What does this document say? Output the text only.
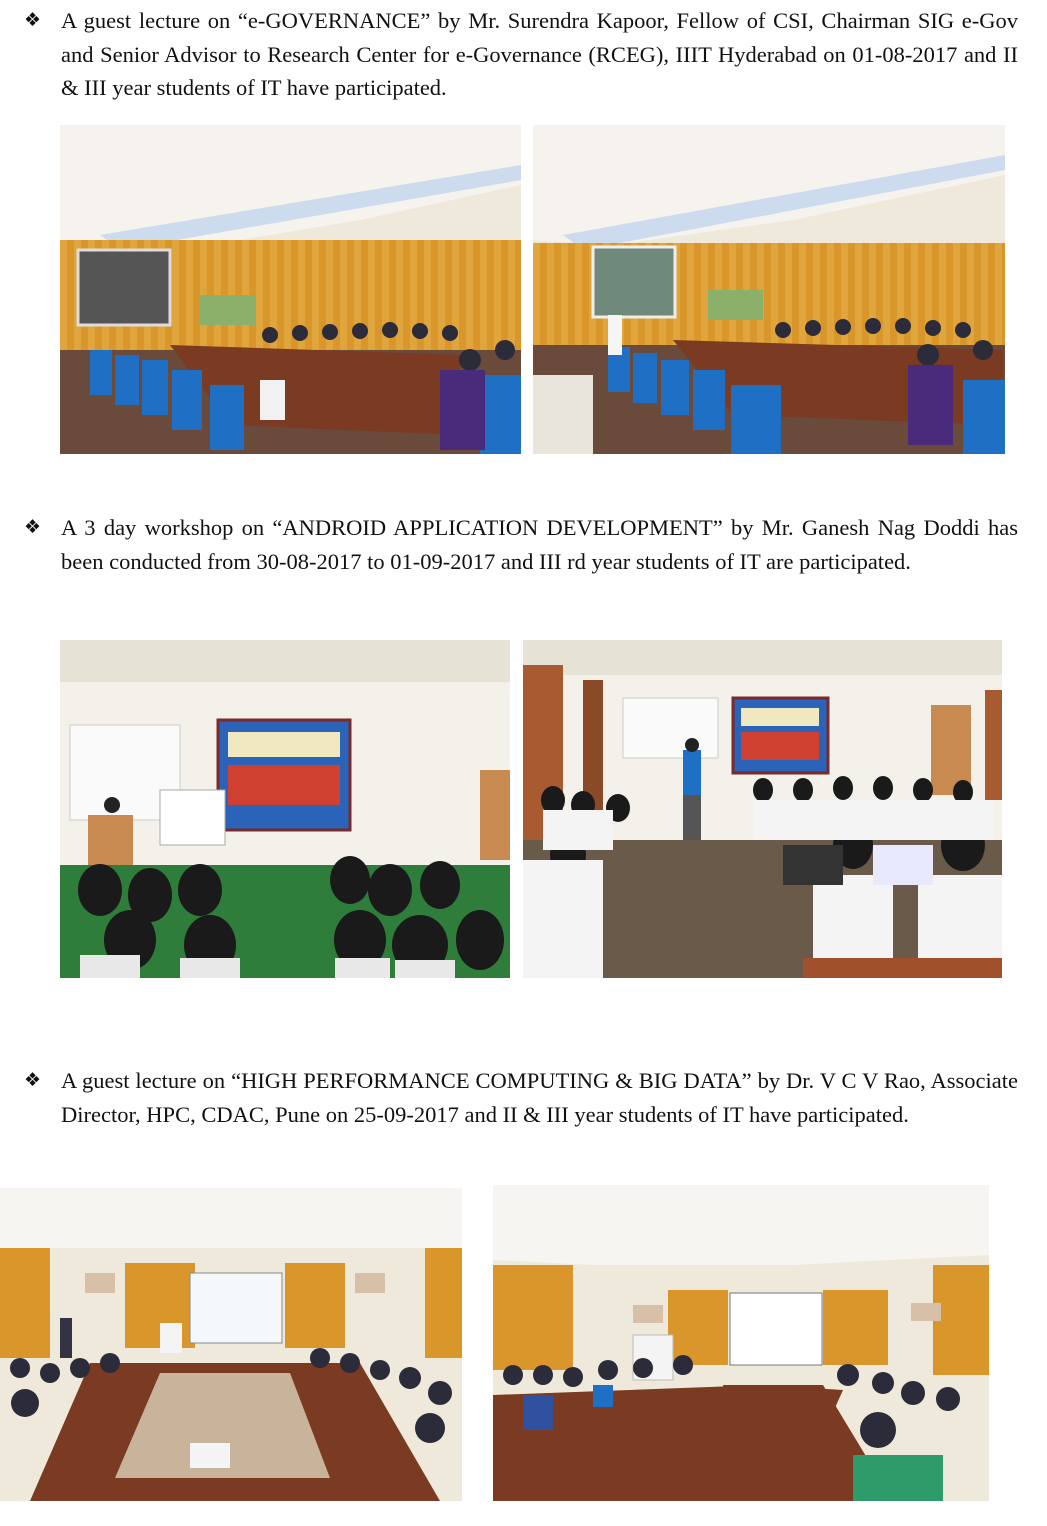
❖ A guest lecture on “e-GOVERNANCE” by Mr. Surendra Kapoor, Fellow of CSI, Chairman SIG e-Gov and Senior Advisor to Research Center for e-Governance (RCEG), IIIT Hyderabad on 01-08-2017 and II & III year students of IT have participated.

❖ A 3 day workshop on “ANDROID APPLICATION DEVELOPMENT” by Mr. Ganesh Nag Doddi has been conducted from 30-08-2017 to 01-09-2017 and III rd year students of IT are participated.

❖ A guest lecture on “HIGH PERFORMANCE COMPUTING & BIG DATA” by Dr. V C V Rao, Associate Director, HPC, CDAC, Pune on 25-09-2017 and II & III year students of IT have participated.
